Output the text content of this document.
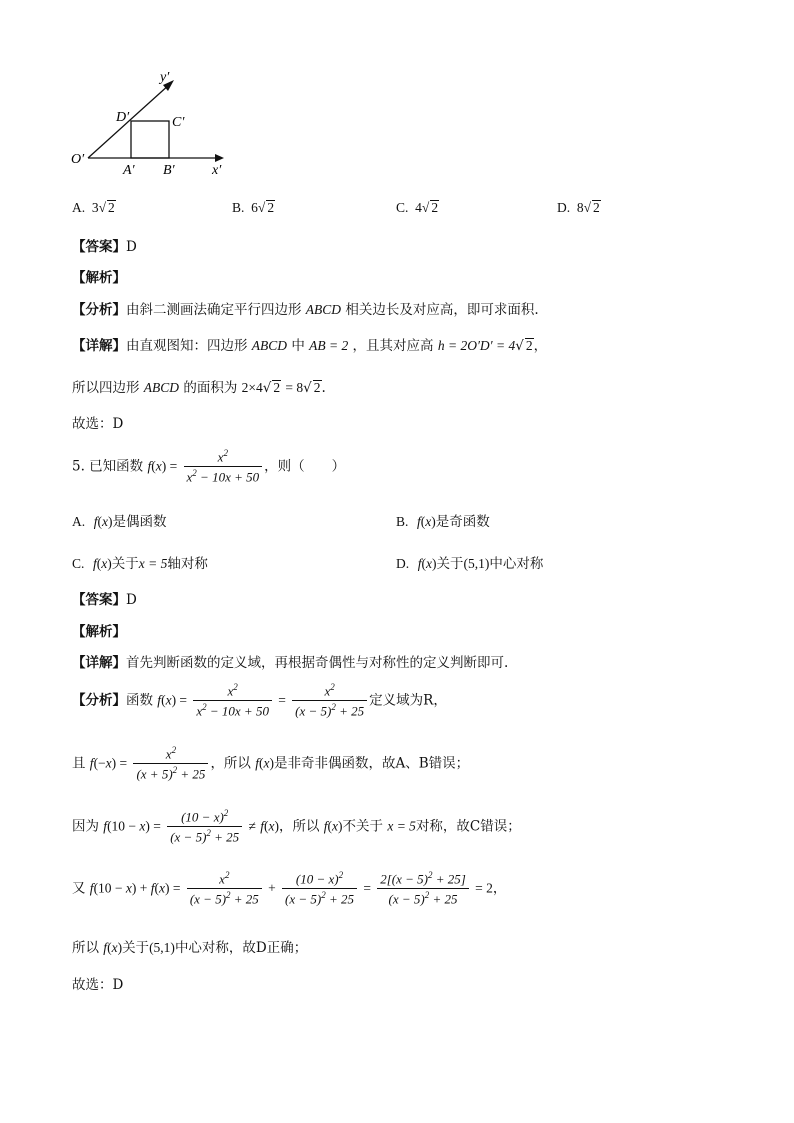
y′
D′	C′
O′
A′ B′	x′
A. 3√ 2	B. 6√ 2	C. 4√ 2	D. 8√ 2
【答案】D
【解析】
【分析】由斜二测画法确定平行四边形 ABCD 相关边长及对应高，即可求面积.
【详解】由直观图知：四边形 ABCD 中 AB = 2 ，且其对应高 h = 2O′D′ = 4√ 2，
所以四边形 ABCD 的面积为 2×4√ 2 = 8√ 2.
故选：D
5. 已知函数 $f(x) = \frac{x^2}{x^2 - 10x + 50}$ ，则（　　）
A. f(x)是偶函数	B. f(x)是奇函数
C. f(x)关于x = 5轴对称	D. f(x)关于(5,1)中心对称
【答案】D
【解析】
【详解】首先判断函数的定义域，再根据奇偶性与对称性的定义判断即可.
【分析】函数 $f(x) = \frac{x^2}{x^2 - 10x + 50} = \frac{x^2}{(x - 5)^2 + 25}$ 定义域为R，
且 $f(-x) = \frac{x^2}{(x + 5)^2 + 25}$ ，所以 f(x)是非奇非偶函数，故A、B错误；
因为 $f(10 - x) = \frac{(10 - x)^2}{(x - 5)^2 + 25} \ne f(x)$，所以 f(x)不关于 x = 5对称，故C错误；
又 $f(10 - x) + f(x) = \frac{x^2}{(x - 5)^2 + 25} + \frac{(10 - x)^2}{(x - 5)^2 + 25} = \frac{2[(x - 5)^2 + 25]}{(x - 5)^2 + 25} = 2$，
所以 f(x)关于(5,1)中心对称，故D正确；
故选：D
